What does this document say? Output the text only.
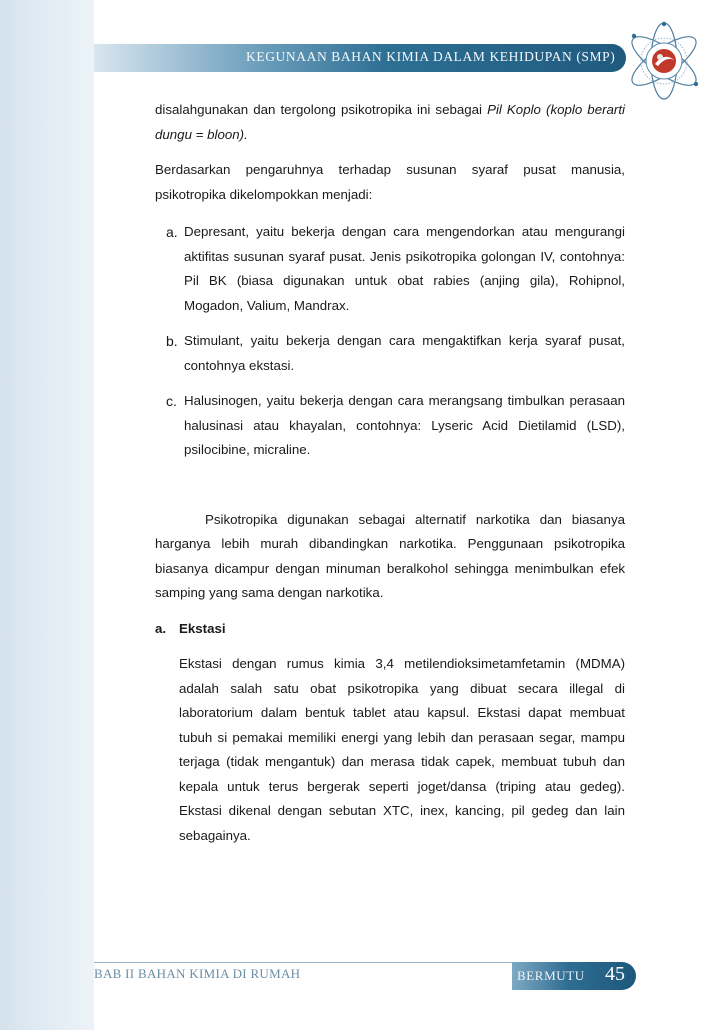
KEGUNAAN BAHAN KIMIA DALAM KEHIDUPAN (SMP)

disalahgunakan dan tergolong psikotropika ini sebagai Pil Koplo (koplo berarti dungu = bloon).

Berdasarkan pengaruhnya terhadap susunan syaraf pusat manusia, psikotropika dikelompokkan menjadi:

a. Depresant, yaitu bekerja dengan cara mengendorkan atau mengurangi aktifitas susunan syaraf pusat. Jenis psikotropika golongan IV, contohnya: Pil BK (biasa digunakan untuk obat rabies (anjing gila), Rohipnol, Mogadon, Valium, Mandrax.

b. Stimulant, yaitu bekerja dengan cara mengaktifkan kerja syaraf pusat, contohnya ekstasi.

c. Halusinogen, yaitu bekerja dengan cara merangsang timbulkan perasaan halusinasi atau khayalan, contohnya: Lyseric Acid Dietilamid (LSD), psilocibine, micraline.

Psikotropika digunakan sebagai alternatif narkotika dan biasanya harganya lebih murah dibandingkan narkotika. Penggunaan psikotropika biasanya dicampur dengan minuman beralkohol sehingga menimbulkan efek samping yang sama dengan narkotika.

a. Ekstasi

Ekstasi dengan rumus kimia 3,4 metilendioksimetamfetamin (MDMA) adalah salah satu obat psikotropika yang dibuat secara illegal di laboratorium dalam bentuk tablet atau kapsul. Ekstasi dapat membuat tubuh si pemakai memiliki energi yang lebih dan perasaan segar, mampu terjaga (tidak mengantuk) dan merasa tidak capek, membuat tubuh dan kepala untuk terus bergerak seperti joget/dansa (triping atau gedeg). Ekstasi dikenal dengan sebutan XTC, inex, kancing, pil gedeg dan lain sebagainya.

BAB II BAHAN KIMIA DI RUMAH	BERMUTU 45
